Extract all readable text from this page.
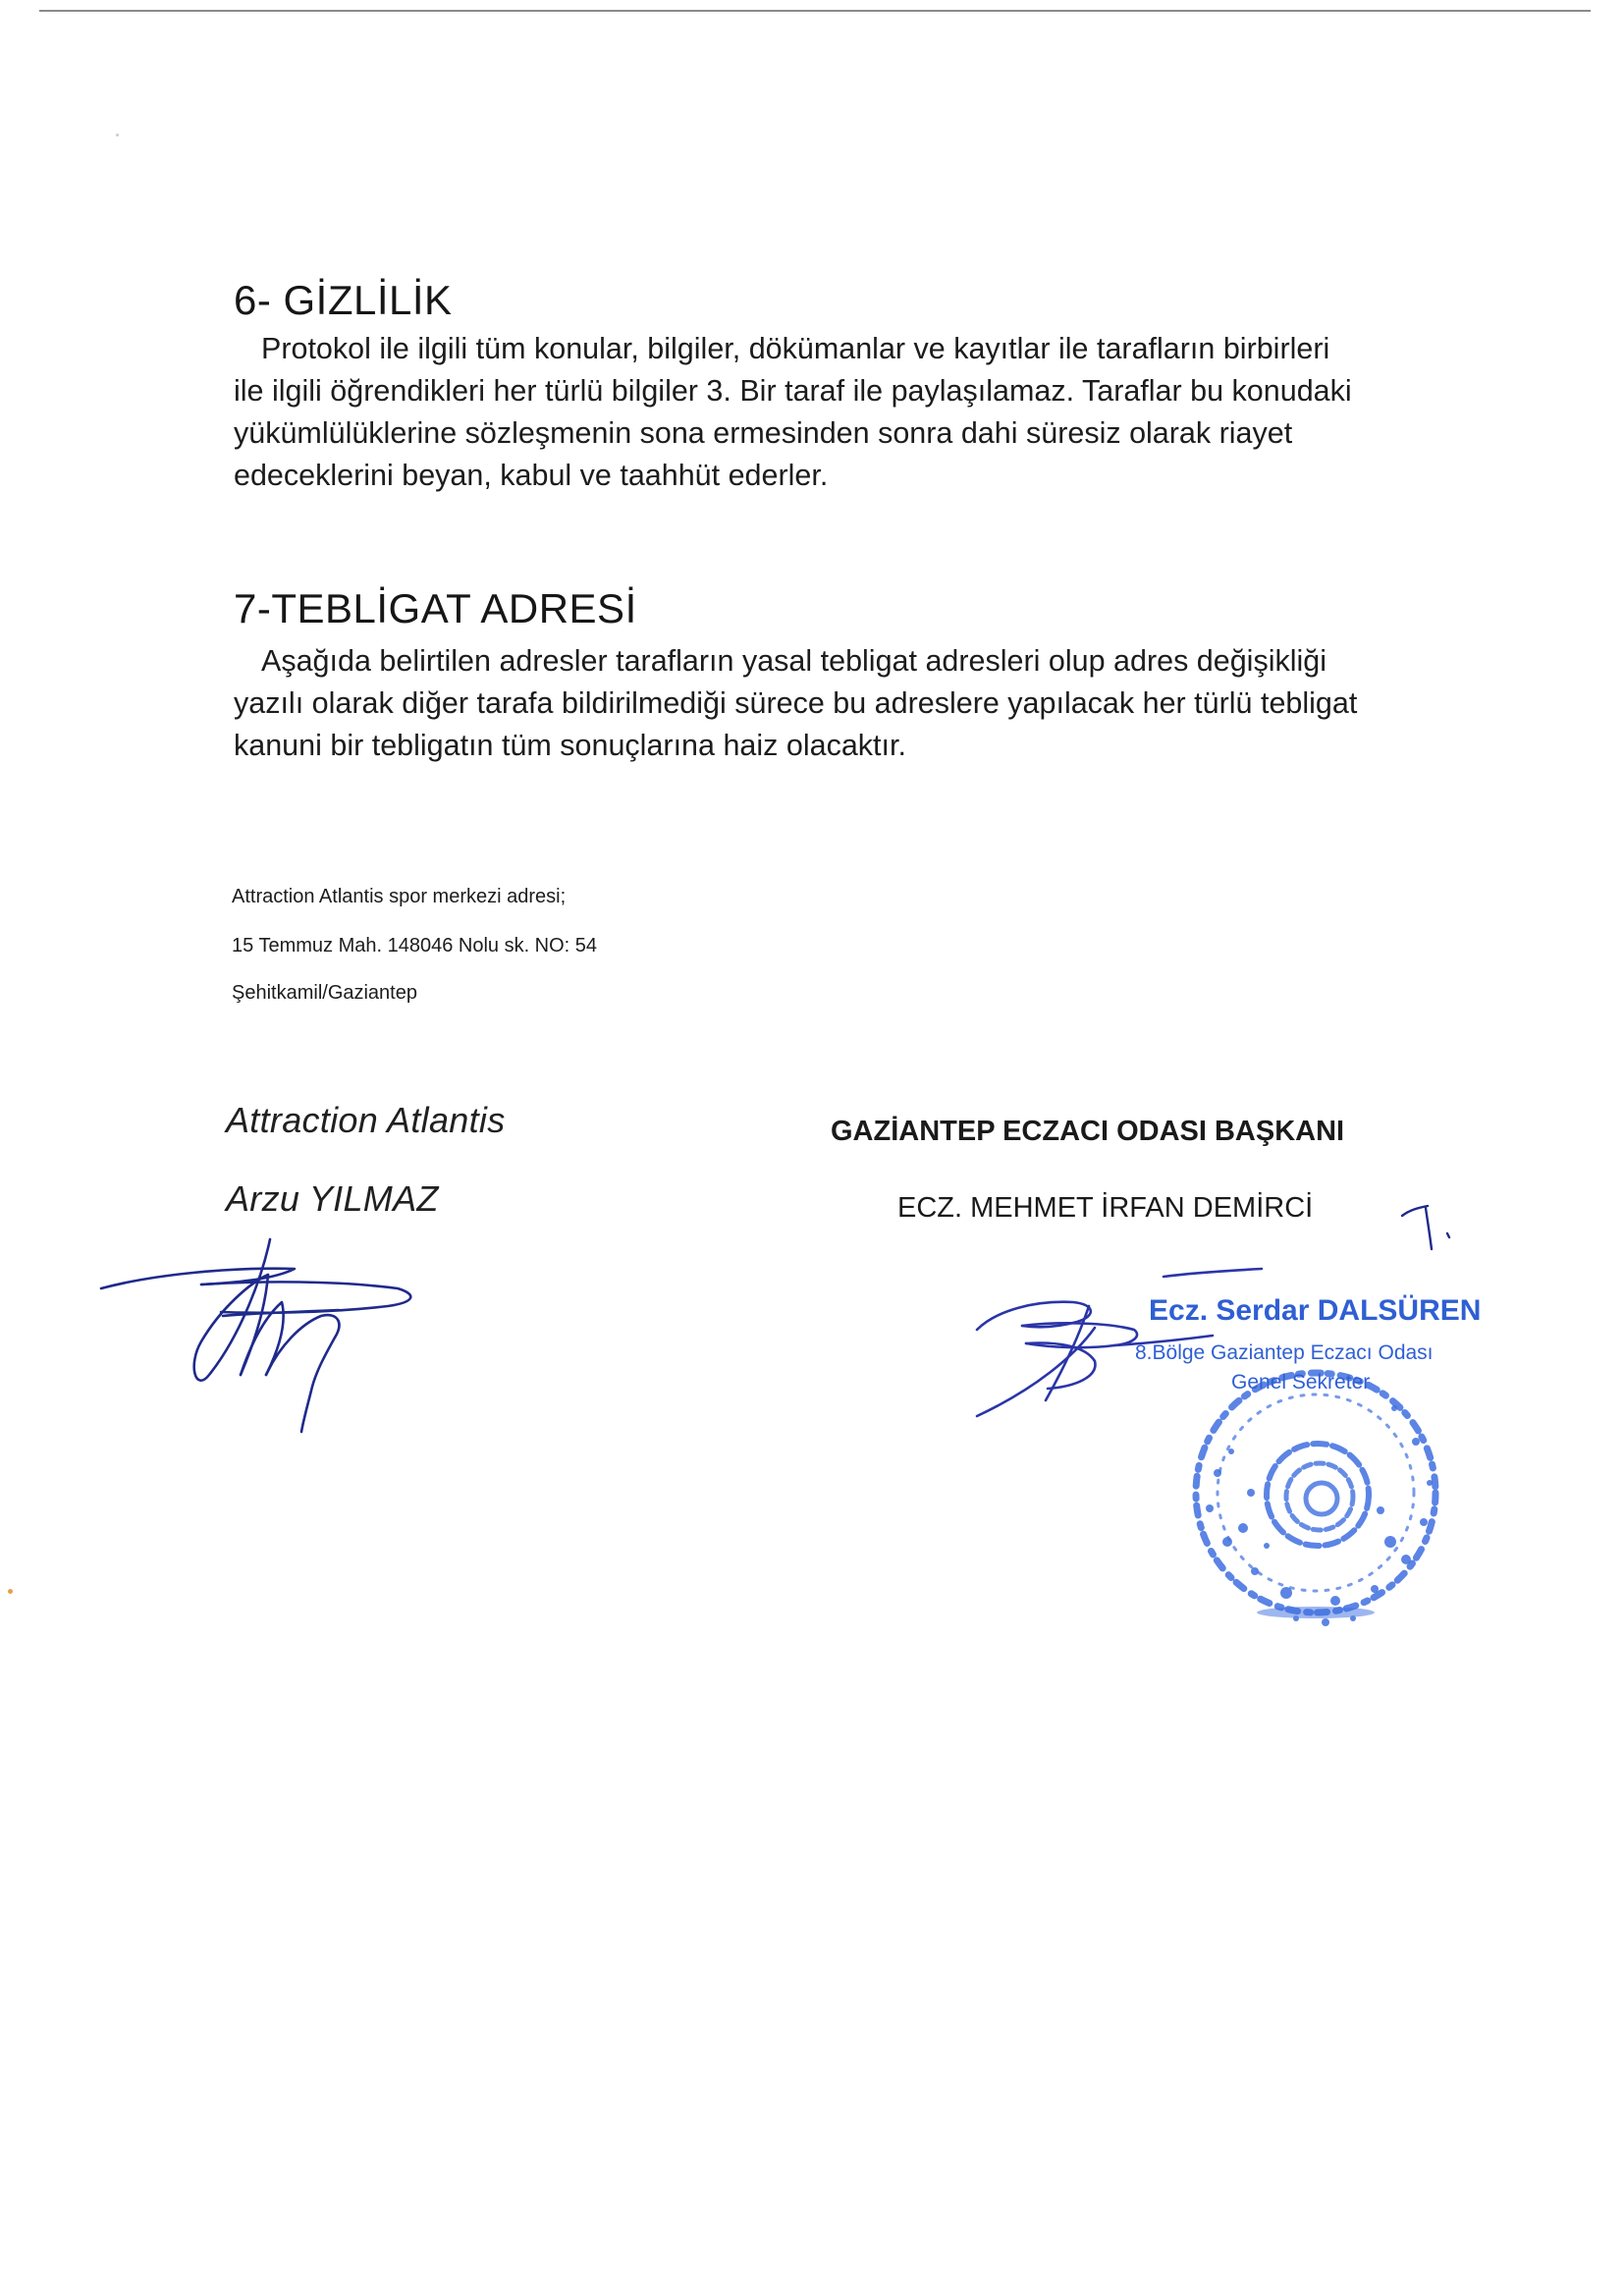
6- GİZLİLİK
Protokol ile ilgili tüm konular, bilgiler, dökümanlar ve kayıtlar ile tarafların birbirleri
ile ilgili öğrendikleri her türlü bilgiler 3. Bir taraf ile paylaşılamaz. Taraflar bu konudaki
yükümlülüklerine sözleşmenin sona ermesinden sonra dahi süresiz olarak riayet
edeceklerini beyan, kabul ve taahhüt ederler.
7-TEBLİGAT ADRESİ
Aşağıda belirtilen adresler tarafların yasal tebligat adresleri olup adres değişikliği
yazılı olarak diğer tarafa bildirilmediği sürece bu adreslere yapılacak her türlü tebligat
kanuni bir tebligatın tüm sonuçlarına haiz olacaktır.

Attraction Atlantis spor merkezi adresi;

15 Temmuz Mah. 148046 Nolu sk. NO: 54

Şehitkamil/Gaziantep

Attraction Atlantis

Arzu YILMAZ

GAZİANTEP ECZACI ODASI BAŞKANI

ECZ. MEHMET İRFAN DEMİRCİ

Ecz. Serdar DALSÜREN

8.Bölge Gaziantep Eczacı Odası

Genel Sekreter
